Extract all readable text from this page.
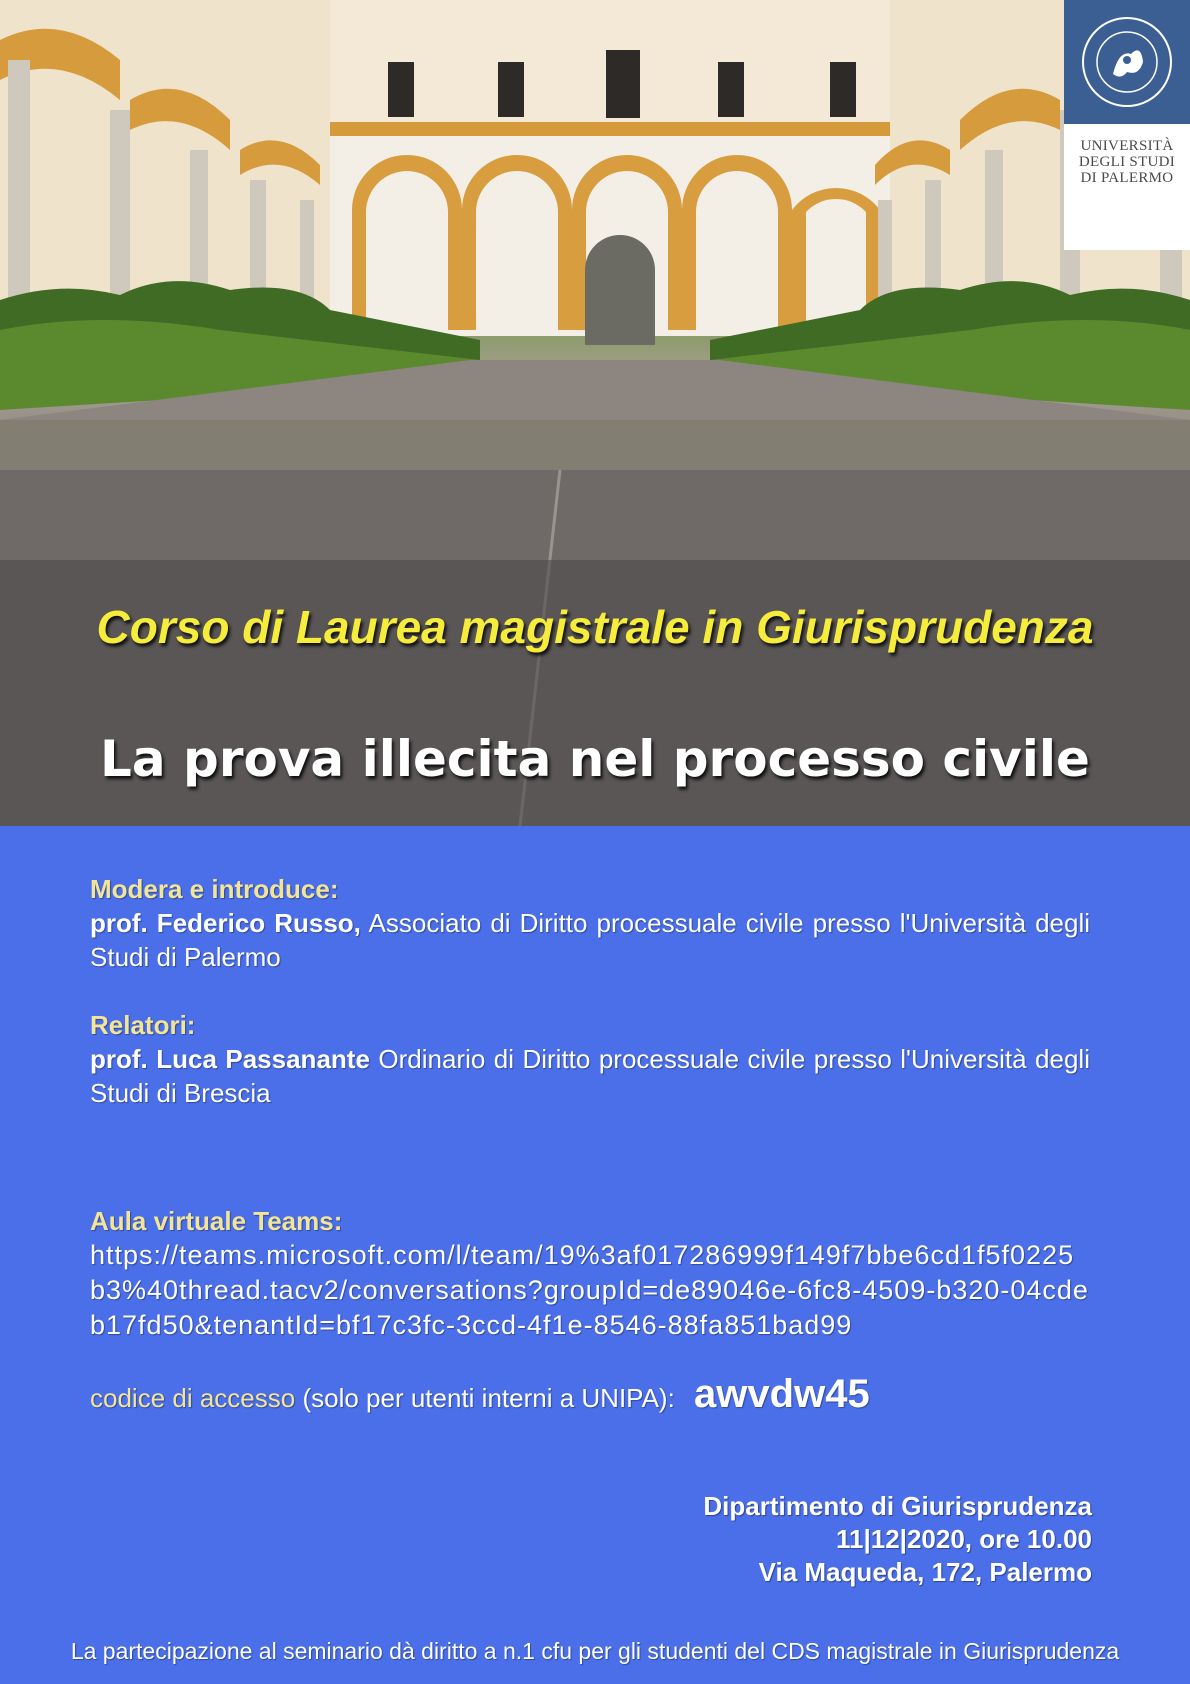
UNIVERSITÀ
DEGLI STUDI
DI PALERMO
Corso di Laurea magistrale in Giurisprudenza
La prova illecita nel processo civile
Modera e introduce:
prof. Federico Russo, Associato di Diritto processuale civile presso l'Università degli Studi di Palermo
Relatori:
prof. Luca Passanante Ordinario di Diritto processuale civile presso l'Università degli Studi di Brescia
Aula virtuale Teams:
https://teams.microsoft.com/l/team/19%3af017286999f149f7bbe6cd1f5f0225b3%40thread.tacv2/conversations?groupId=de89046e-6fc8-4509-b320-04cdeb17fd50&tenantId=bf17c3fc-3ccd-4f1e-8546-88fa851bad99
codice di accesso (solo per utenti interni a UNIPA): awvdw45
Dipartimento di Giurisprudenza
11|12|2020, ore 10.00
Via Maqueda, 172, Palermo
La partecipazione al seminario dà diritto a n.1 cfu per gli studenti del CDS magistrale in Giurisprudenza
